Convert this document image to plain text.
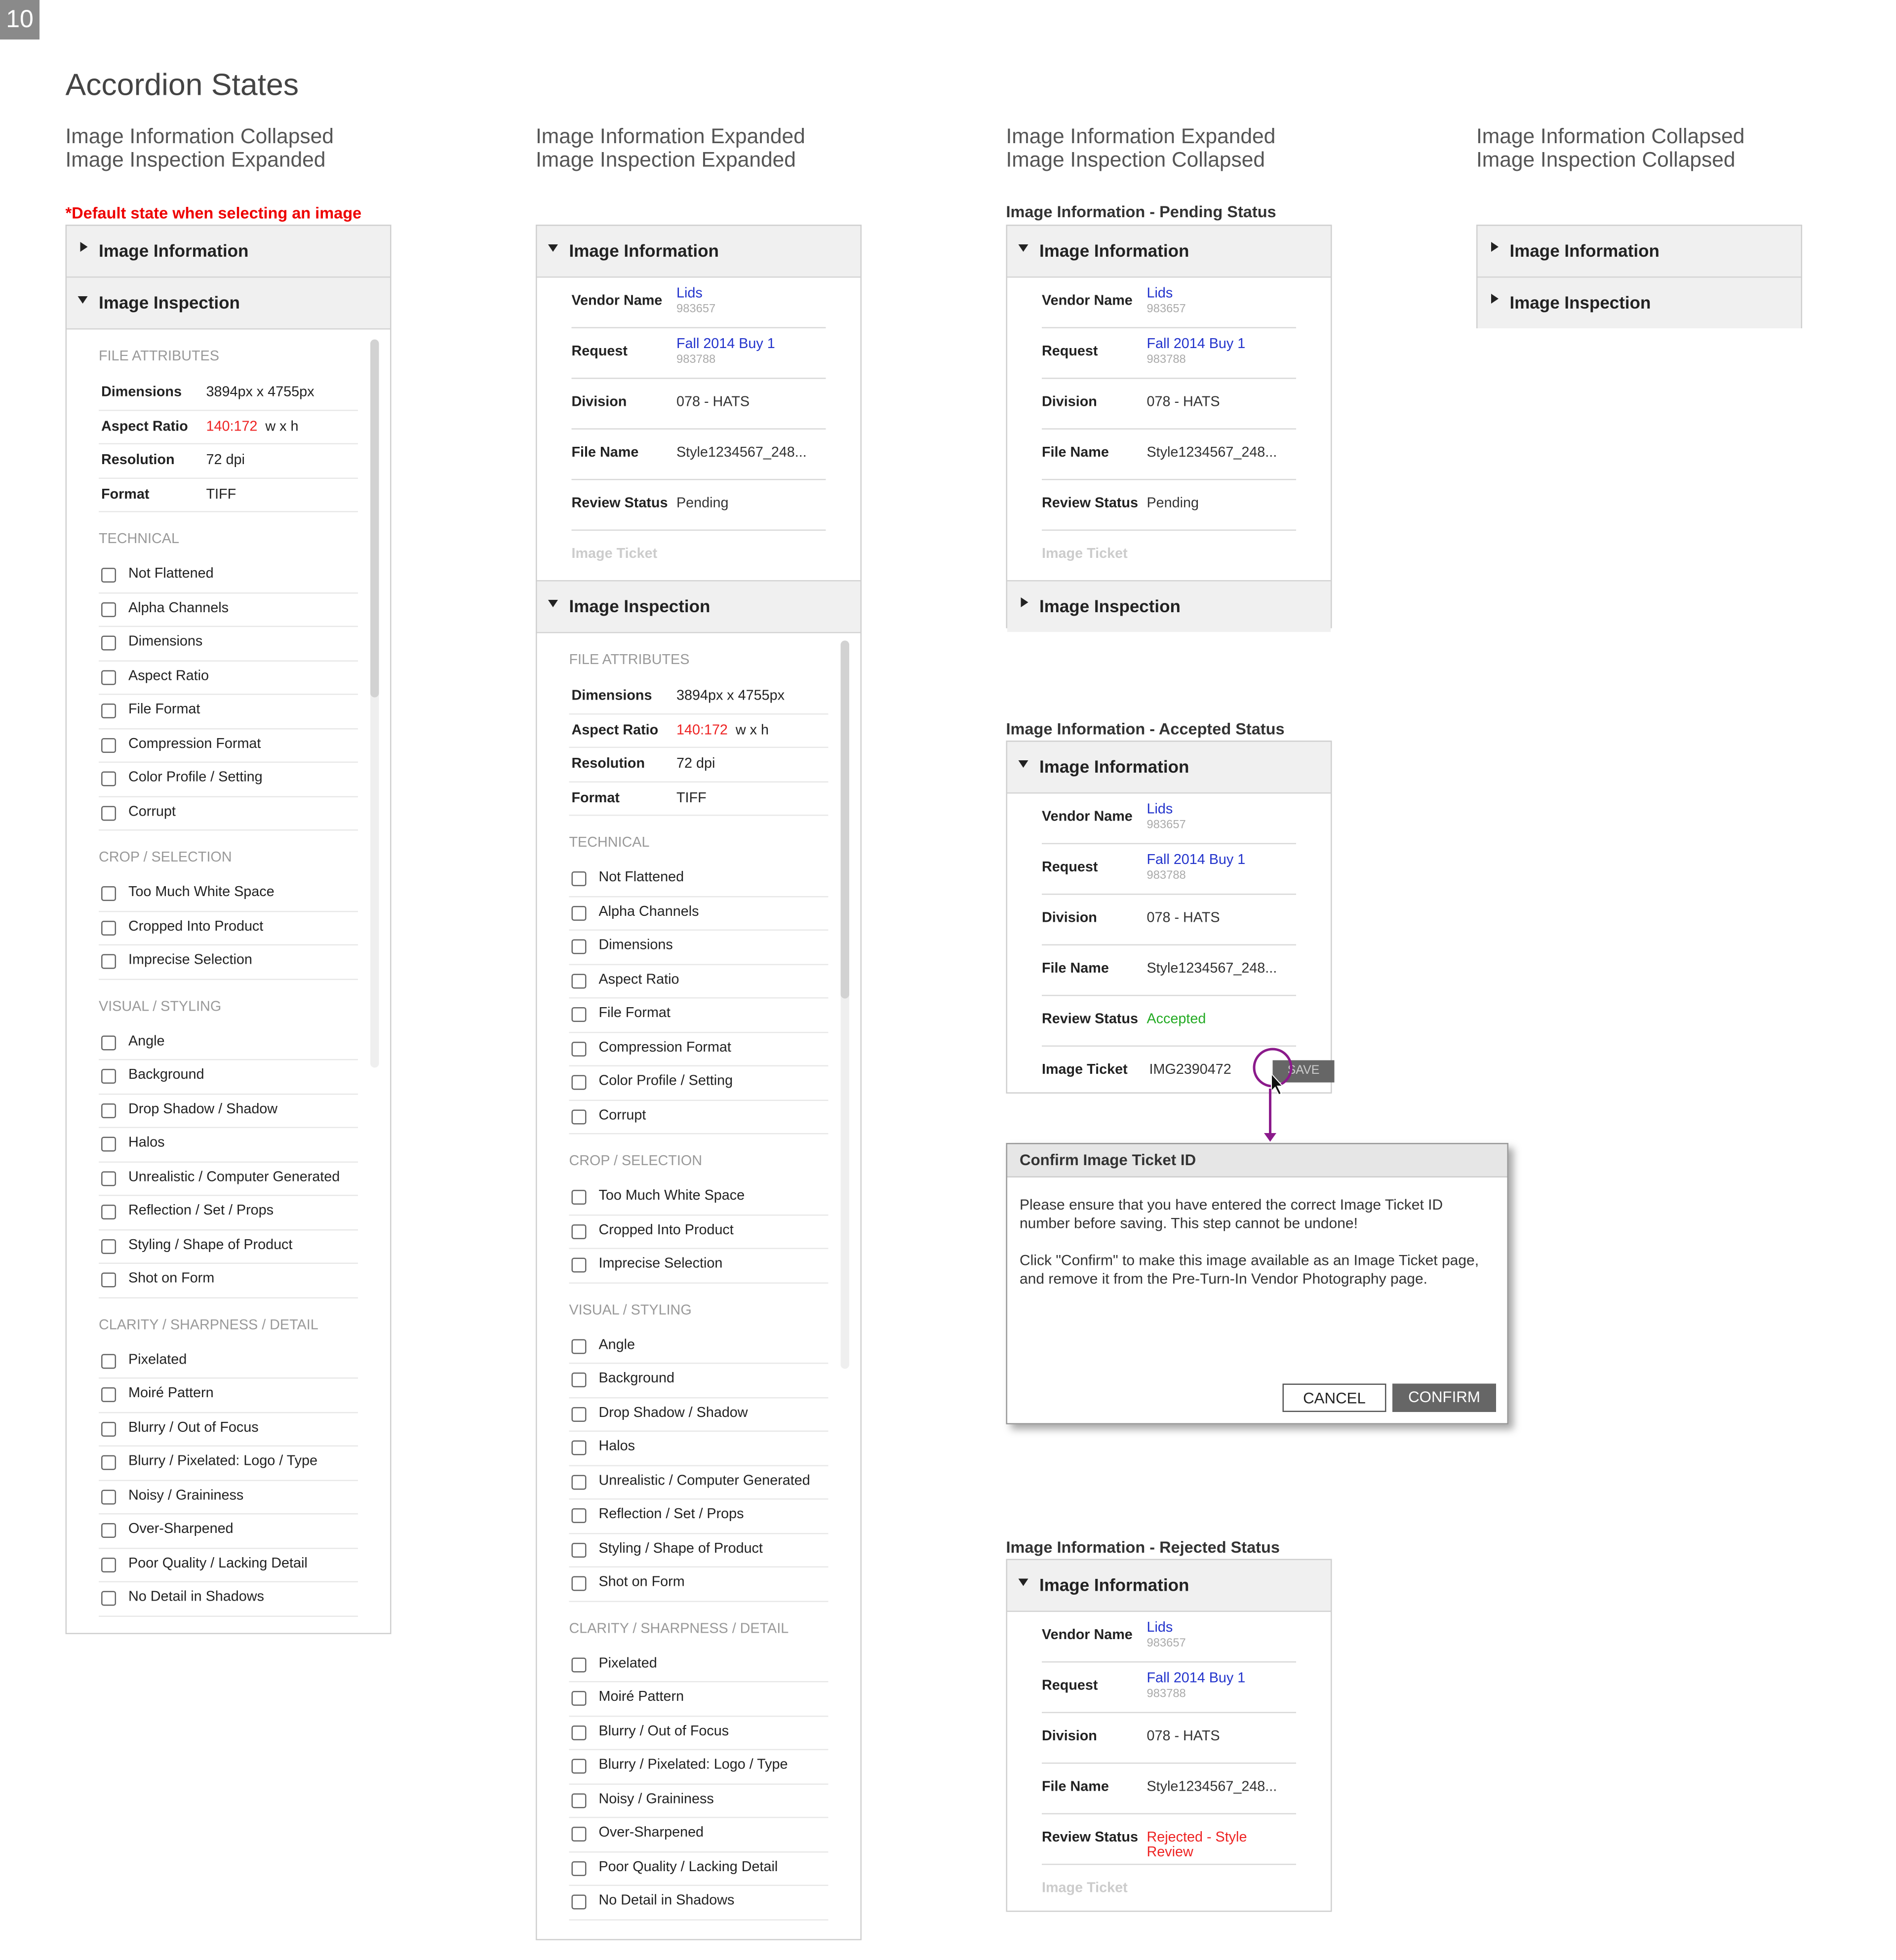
10
Accordion States
Image Information Collapsed
Image Inspection Expanded
Image Information Expanded
Image Inspection Expanded
Image Information Expanded
Image Inspection Collapsed
Image Information Collapsed
Image Inspection Collapsed
*Default state when selecting an image
Image Information
Image Inspection
FILE ATTRIBUTES
Dimensions	3894px x 4755px
Aspect Ratio	140:172 w x h
Resolution	72 dpi
Format	TIFF
TECHNICAL
Not Flattened
Alpha Channels
Dimensions
Aspect Ratio
File Format
Compression Format
Color Profile / Setting
Corrupt
CROP / SELECTION
Too Much White Space
Cropped Into Product
Imprecise Selection
VISUAL / STYLING
Angle
Background
Drop Shadow / Shadow
Halos
Unrealistic / Computer Generated
Reflection / Set / Props
Styling / Shape of Product
Shot on Form
CLARITY / SHARPNESS / DETAIL
Pixelated
Moiré Pattern
Blurry / Out of Focus
Blurry / Pixelated: Logo / Type
Noisy / Graininess
Over-Sharpened
Poor Quality / Lacking Detail
No Detail in Shadows
Image Information
Vendor Name	Lids
983657
Request	Fall 2014 Buy 1
983788
Division	078 - HATS
File Name	Style1234567_248...
Review Status Pending
Image Ticket
Image Inspection
FILE ATTRIBUTES
Dimensions	3894px x 4755px
Aspect Ratio	140:172 w x h
Resolution	72 dpi
Format	TIFF
TECHNICAL
Not Flattened
Alpha Channels
Dimensions
Aspect Ratio
File Format
Compression Format
Color Profile / Setting
Corrupt
CROP / SELECTION
Too Much White Space
Cropped Into Product
Imprecise Selection
VISUAL / STYLING
Angle
Background
Drop Shadow / Shadow
Halos
Unrealistic / Computer Generated
Reflection / Set / Props
Styling / Shape of Product
Shot on Form
CLARITY / SHARPNESS / DETAIL
Pixelated
Moiré Pattern
Blurry / Out of Focus
Blurry / Pixelated: Logo / Type
Noisy / Graininess
Over-Sharpened
Poor Quality / Lacking Detail
No Detail in Shadows
Image Information - Pending Status
Image Information
Vendor Name	Lids
983657
Request	Fall 2014 Buy 1
983788
Division	078 - HATS
File Name	Style1234567_248...
Review Status Pending
Image Ticket
Image Inspection
Image Information - Accepted Status
Image Information
Vendor Name	Lids
983657
Request	Fall 2014 Buy 1
983788
Division	078 - HATS
File Name	Style1234567_248...
Review Status Accepted
Image Ticket	IMG2390472	SAVE
Confirm Image Ticket ID

Please ensure that you have entered the correct Image Ticket ID number before saving. This step cannot be undone!

Click "Confirm" to make this image available as an Image Ticket page, and remove it from the Pre-Turn-In Vendor Photography page.

CANCEL	CONFIRM
Image Information - Rejected Status
Image Information
Vendor Name	Lids
983657
Request	Fall 2014 Buy 1
983788
Division	078 - HATS
File Name	Style1234567_248...
Review Status Rejected - Style Review
Image Ticket
Image Information
Image Inspection
